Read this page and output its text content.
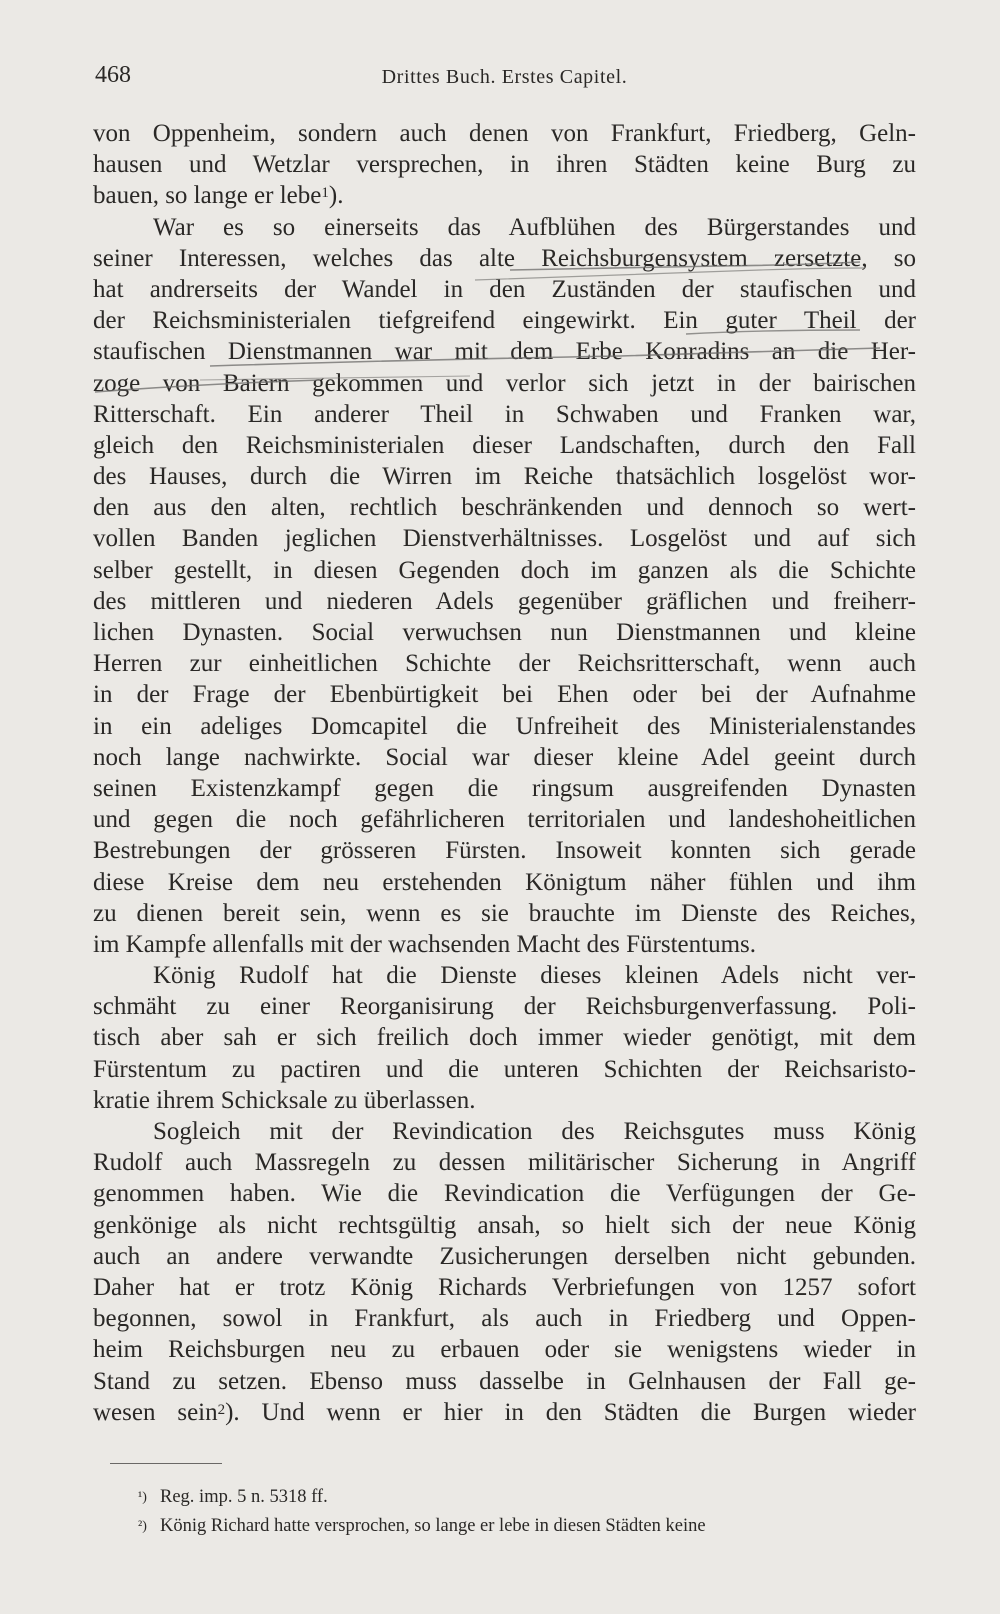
468	Drittes Buch. Erstes Capitel.
von Oppenheim, sondern auch denen von Frankfurt, Friedberg, Geln-
hausen und Wetzlar versprechen, in ihren Städten keine Burg zu
bauen, so lange er lebe$^1$).
War es so einerseits das Aufblühen des Bürgerstandes und
seiner Interessen, welches das alte Reichsburgensystem zersetzte, so
hat andrerseits der Wandel in den Zuständen der staufischen und
der Reichsministerialen tiefgreifend eingewirkt. Ein guter Theil der
staufischen Dienstmannen war mit dem Erbe Konradins an die Her-
zoge von Baiern gekommen und verlor sich jetzt in der bairischen
Ritterschaft. Ein anderer Theil in Schwaben und Franken war,
gleich den Reichsministerialen dieser Landschaften, durch den Fall
des Hauses, durch die Wirren im Reiche thatsächlich losgelöst wor-
den aus den alten, rechtlich beschränkenden und dennoch so wert-
vollen Banden jeglichen Dienstverhältnisses. Losgelöst und auf sich
selber gestellt, in diesen Gegenden doch im ganzen als die Schichte
des mittleren und niederen Adels gegenüber gräflichen und freiherr-
lichen Dynasten. Social verwuchsen nun Dienstmannen und kleine
Herren zur einheitlichen Schichte der Reichsritterschaft, wenn auch
in der Frage der Ebenbürtigkeit bei Ehen oder bei der Aufnahme
in ein adeliges Domcapitel die Unfreiheit des Ministerialenstandes
noch lange nachwirkte. Social war dieser kleine Adel geeint durch
seinen Existenzkampf gegen die ringsum ausgreifenden Dynasten
und gegen die noch gefährlicheren territorialen und landeshoheitlichen
Bestrebungen der grösseren Fürsten. Insoweit konnten sich gerade
diese Kreise dem neu erstehenden Königtum näher fühlen und ihm
zu dienen bereit sein, wenn es sie brauchte im Dienste des Reiches,
im Kampfe allenfalls mit der wachsenden Macht des Fürstentums.
König Rudolf hat die Dienste dieses kleinen Adels nicht ver-
schmäht zu einer Reorganisirung der Reichsburgenverfassung. Poli-
tisch aber sah er sich freilich doch immer wieder genötigt, mit dem
Fürstentum zu pactiren und die unteren Schichten der Reichsaristo-
kratie ihrem Schicksale zu überlassen.
Sogleich mit der Revindication des Reichsgutes muss König
Rudolf auch Massregeln zu dessen militärischer Sicherung in Angriff
genommen haben. Wie die Revindication die Verfügungen der Ge-
genkönige als nicht rechtsgültig ansah, so hielt sich der neue König
auch an andere verwandte Zusicherungen derselben nicht gebunden.
Daher hat er trotz König Richards Verbriefungen von 1257 sofort
begonnen, sowol in Frankfurt, als auch in Friedberg und Oppen-
heim Reichsburgen neu zu erbauen oder sie wenigstens wieder in
Stand zu setzen. Ebenso muss dasselbe in Gelnhausen der Fall ge-
wesen sein$^2$). Und wenn er hier in den Städten die Burgen wieder
¹) Reg. imp. 5 n. 5318 ff.
²) König Richard hatte versprochen, so lange er lebe in diesen Städten keine
